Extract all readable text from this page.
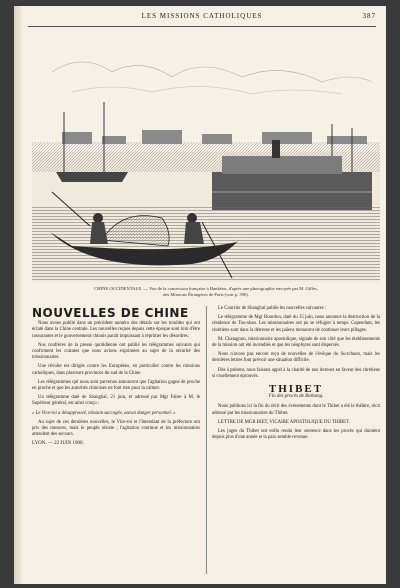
LES MISSIONS CATHOLIQUES	387
CHINE OCCIDENTALE. — Vue de la concession française à Hankéou, d'après une photographie envoyée par M. Gilles,
des Missions Étrangères de Paris (voir p. 390).
NOUVELLES DE CHINE

Nous avons publié dans un précédent numéro des détails sur les troubles qui ont éclaté dans la Chine centrale. Les nouvelles reçues depuis cette époque sont loin d'être rassurantes et le gouvernement chinois paraît impuissant à réprimer les désordres.

Nos confrères de la presse quotidienne ont publié les télégrammes suivants qui confirment les craintes que nous avions exprimées au sujet de la sécurité des missionnaires.

Une révolte est dirigée contre les Européens, en particulier contre les missions catholiques, dans plusieurs provinces du sud de la Chine.

Les télégrammes qui nous sont parvenus annoncent que l'agitation gagne de proche en proche et que les autorités chinoises ne font rien pour la calmer.

Un télégramme daté de Shanghaï, 21 juin, et adressé par Mgr Fabre à M. le Supérieur général, est ainsi conçu :

« Le Vice-roi a désapprouvé, mission saccagée, aucun danger personnel. »

Au sujet de ces dernières nouvelles, le Vice-roi et l'intendant de la préfecture ont pris des mesures, mais le peuple résiste ; l'agitation continue et les missionnaires attendent des secours.

LYON. — 22 JUIN 1900.

Le Courrier de Shanghaï publie les nouvelles suivantes :

Le télégramme de Mgr Bourdon, daté du 15 juin, nous annonce la destruction de la résidence de Tou-shan. Les missionnaires ont pu se réfugier à temps. Cependant, les chrétiens sont dans la détresse et les païens menacent de continuer leurs pillages.

M. Chatagnon, missionnaire apostolique, signale de son côté que les établissements de la mission ont été incendiés et que les néophytes sont dispersés.

Nous n'avons pas encore reçu de nouvelles de l'évêque du Su-tchuen, mais les dernières lettres font prévoir une situation difficile.

Dès à présent, nous faisons appel à la charité de nos lecteurs en faveur des chrétiens si cruellement éprouvés.

THIBET
Fin des procès de Bathang.

Nous publions ici la fin du récit des événements dont le Thibet a été le théâtre, récit adressé par les missionnaires du Thibet.

LETTRE DE MGR BIET, VICAIRE APOSTOLIQUE DU THIBET.

Les juges du Thibet ont enfin rendu leur sentence dans les procès qui duraient depuis plus d'une année et la paix semble revenue.
